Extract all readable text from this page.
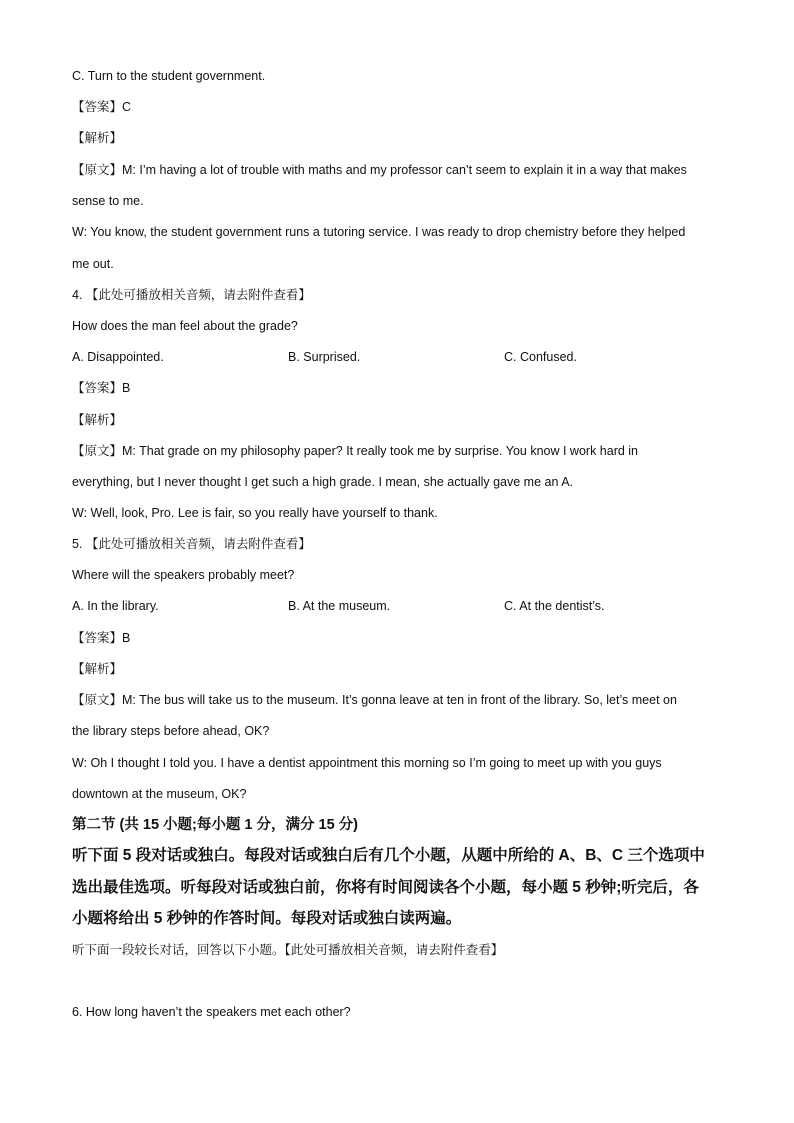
C. Turn to the student government.
【答案】C
【解析】
【原文】M: I’m having a lot of trouble with maths and my professor can’t seem to explain it in a way that makes
sense to me.
W: You know, the student government runs a tutoring service. I was ready to drop chemistry before they helped
me out.
4. 【此处可播放相关音频，请去附件查看】
How does the man feel about the grade?
A. Disappointed.	B. Surprised.	C. Confused.
【答案】B
【解析】
【原文】M: That grade on my philosophy paper? It really took me by surprise. You know I work hard in
everything, but I never thought I get such a high grade. I mean, she actually gave me an A.
W: Well, look, Pro. Lee is fair, so you really have yourself to thank.
5. 【此处可播放相关音频，请去附件查看】
Where will the speakers probably meet?
A. In the library.	B. At the museum.	C. At the dentist’s.
【答案】B
【解析】
【原文】M: The bus will take us to the museum. It’s gonna leave at ten in front of the library. So, let’s meet on
the library steps before ahead, OK?
W: Oh I thought I told you. I have a dentist appointment this morning so I’m going to meet up with you guys
downtown at the museum, OK?
第二节 (共 15 小题;每小题 1 分，满分 15 分)
听下面 5 段对话或独白。每段对话或独白后有几个小题，从题中所给的 A、B、C 三个选项中
选出最佳选项。听每段对话或独白前，你将有时间阅读各个小题，每小题 5 秒钟;听完后，各
小题将给出 5 秒钟的作答时间。每段对话或独白读两遍。
听下面一段较长对话，回答以下小题。【此处可播放相关音频，请去附件查看】
6. How long haven’t the speakers met each other?
